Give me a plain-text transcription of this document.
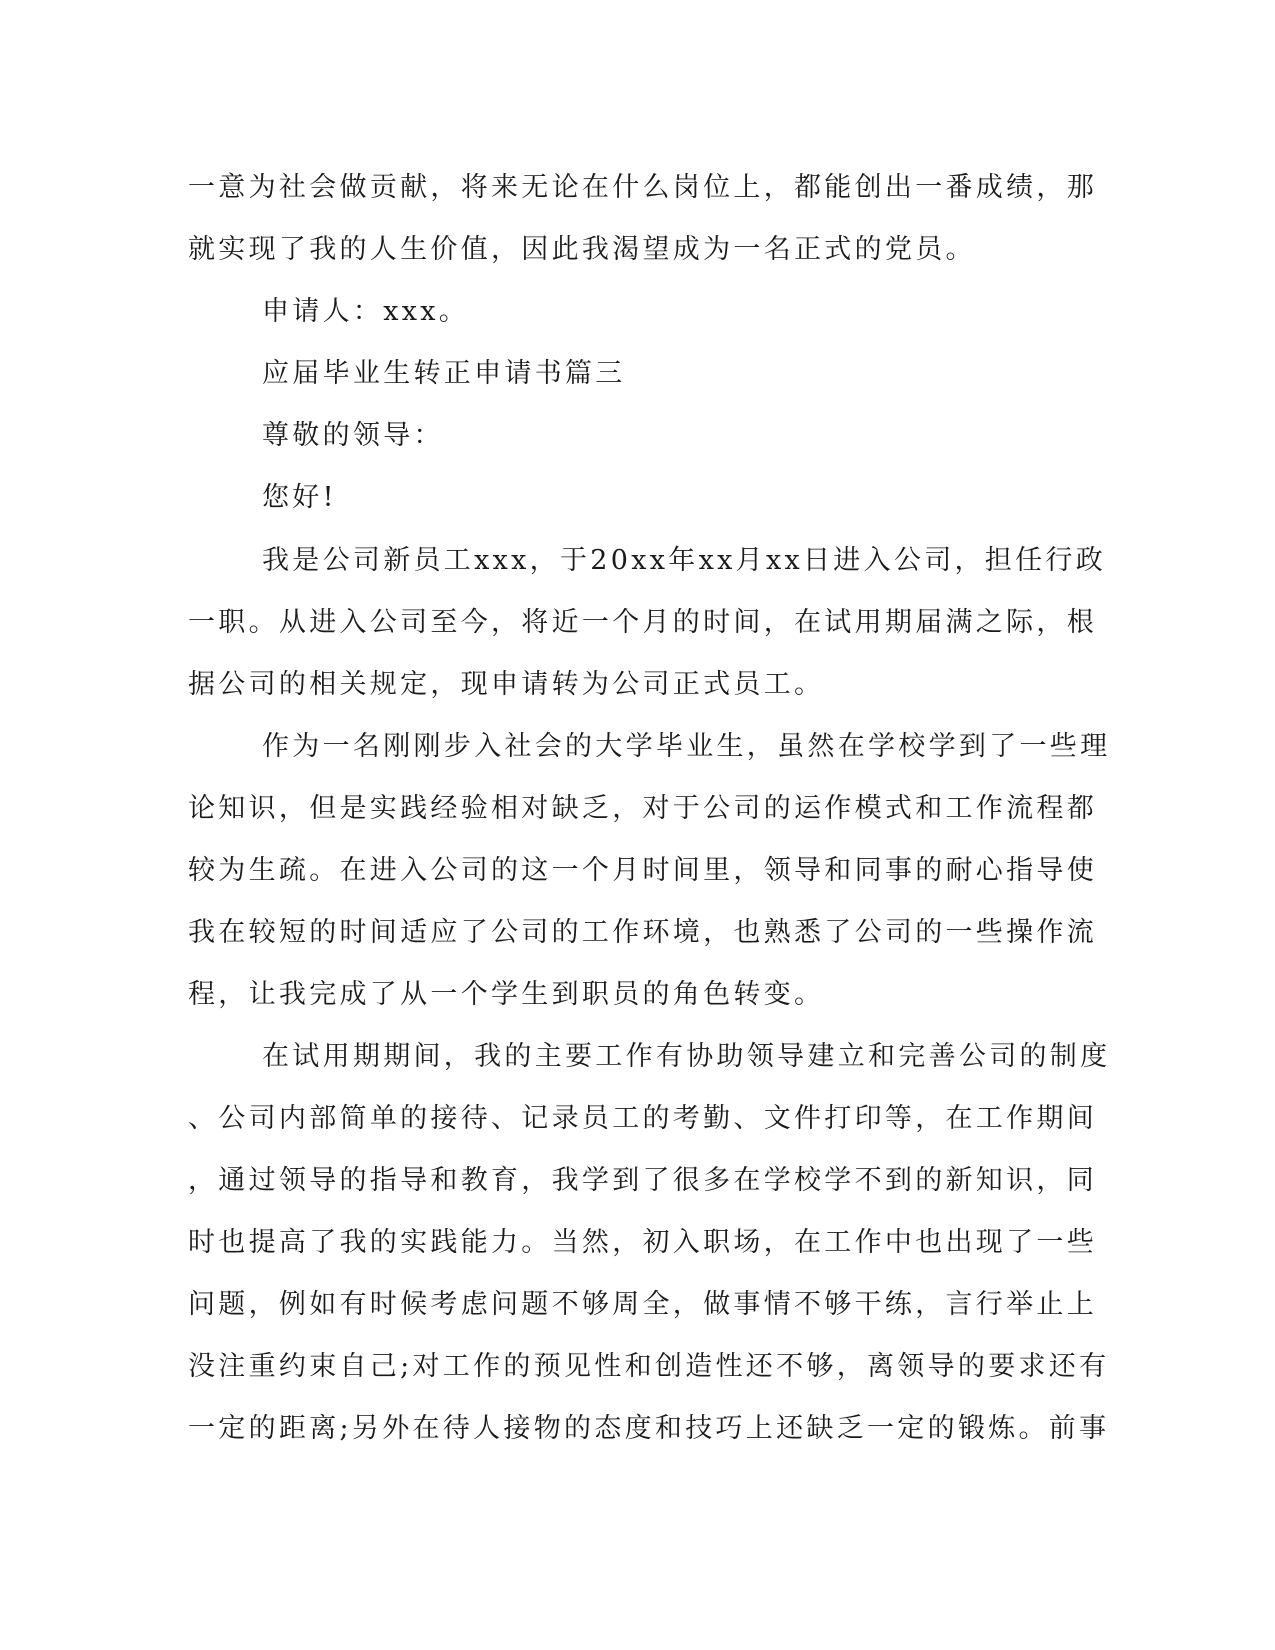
一意为社会做贡献，将来无论在什么岗位上，都能创出一番成绩，那
就实现了我的人生价值，因此我渴望成为一名正式的党员。
申请人：xxx。
应届毕业生转正申请书篇三
尊敬的领导：
您好!
我是公司新员工xxx，于20xx年xx月xx日进入公司，担任行政
一职。从进入公司至今，将近一个月的时间，在试用期届满之际，根
据公司的相关规定，现申请转为公司正式员工。
作为一名刚刚步入社会的大学毕业生，虽然在学校学到了一些理
论知识，但是实践经验相对缺乏，对于公司的运作模式和工作流程都
较为生疏。在进入公司的这一个月时间里，领导和同事的耐心指导使
我在较短的时间适应了公司的工作环境，也熟悉了公司的一些操作流
程，让我完成了从一个学生到职员的角色转变。
在试用期期间，我的主要工作有协助领导建立和完善公司的制度
、公司内部简单的接待、记录员工的考勤、文件打印等，在工作期间
，通过领导的指导和教育，我学到了很多在学校学不到的新知识，同
时也提高了我的实践能力。当然，初入职场，在工作中也出现了一些
问题，例如有时候考虑问题不够周全，做事情不够干练，言行举止上
没注重约束自己;对工作的预见性和创造性还不够，离领导的要求还有
一定的距离;另外在待人接物的态度和技巧上还缺乏一定的锻炼。前事
